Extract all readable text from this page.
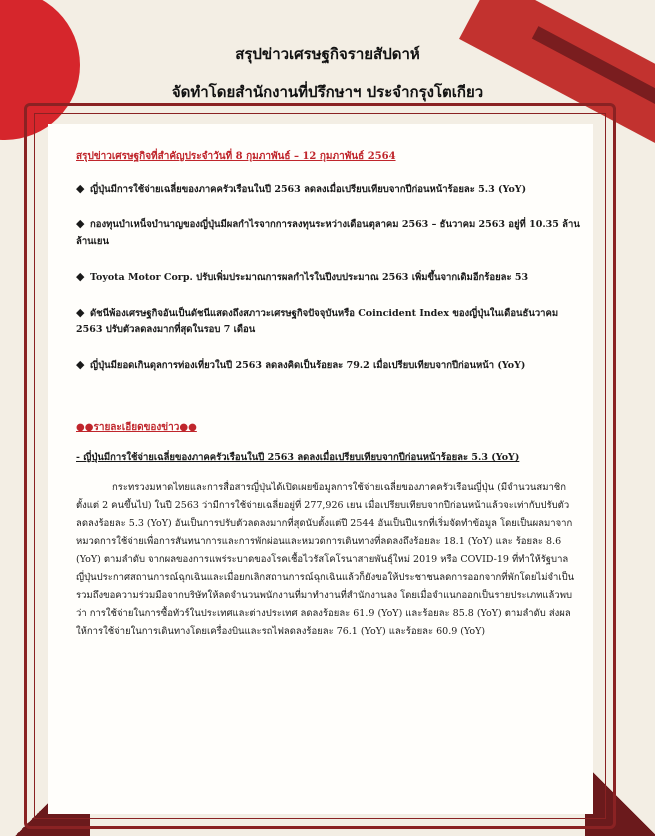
สรุปข่าวเศรษฐกิจรายสัปดาห์
จัดทำโดยสำนักงานที่ปรึกษาฯ ประจำกรุงโตเกียว
สรุปข่าวเศรษฐกิจที่สำคัญประจำวันที่ 8 กุมภาพันธ์ – 12 กุมภาพันธ์ 2564

◆ ญี่ปุ่นมีการใช้จ่ายเฉลี่ยของภาคครัวเรือนในปี 2563 ลดลงเมื่อเปรียบเทียบจากปีก่อนหน้าร้อยละ 5.3 (YoY)

◆ กองทุนบำเหน็จบำนาญของญี่ปุ่นมีผลกำไรจากการลงทุนระหว่างเดือนตุลาคม 2563 – ธันวาคม 2563 อยู่ที่ 10.35 ล้านล้านเยน

◆ Toyota Motor Corp. ปรับเพิ่มประมาณการผลกำไรในปีงบประมาณ 2563 เพิ่มขึ้นจากเดิมอีกร้อยละ 53

◆ ดัชนีพ้องเศรษฐกิจอันเป็นดัชนีแสดงถึงสภาวะเศรษฐกิจปัจจุบันหรือ Coincident Index ของญี่ปุ่นในเดือนธันวาคม 2563 ปรับตัวลดลงมากที่สุดในรอบ 7 เดือน

◆ ญี่ปุ่นมียอดเกินดุลการท่องเที่ยวในปี 2563 ลดลงคิดเป็นร้อยละ 79.2 เมื่อเปรียบเทียบจากปีก่อนหน้า (YoY)

●●รายละเอียดของข่าว●●
- ญี่ปุ่นมีการใช้จ่ายเฉลี่ยของภาคครัวเรือนในปี 2563 ลดลงเมื่อเปรียบเทียบจากปีก่อนหน้าร้อยละ 5.3 (YoY)

กระทรวงมหาดไทยและการสื่อสารญี่ปุ่นได้เปิดเผยข้อมูลการใช้จ่ายเฉลี่ยของภาคครัวเรือนญี่ปุ่น (มีจำนวนสมาชิกตั้งแต่ 2 คนขึ้นไป) ในปี 2563 ว่ามีการใช้จ่ายเฉลี่ยอยู่ที่ 277,926 เยน เมื่อเปรียบเทียบจากปีก่อนหน้าแล้วจะเท่ากับปรับตัวลดลงร้อยละ 5.3 (YoY) อันเป็นการปรับตัวลดลงมากที่สุดนับตั้งแต่ปี 2544 อันเป็นปีแรกที่เริ่มจัดทำข้อมูล โดยเป็นผลมาจากหมวดการใช้จ่ายเพื่อการสันทนาการและการพักผ่อนและหมวดการเดินทางที่ลดลงถึงร้อยละ 18.1 (YoY) และ ร้อยละ 8.6 (YoY) ตามลำดับ จากผลของการแพร่ระบาดของโรคเชื้อไวรัสโคโรนาสายพันธุ์ใหม่ 2019 หรือ COVID-19 ที่ทำให้รัฐบาลญี่ปุ่นประกาศสถานการณ์ฉุกเฉินและเมื่อยกเลิกสถานการณ์ฉุกเฉินแล้วก็ยังขอให้ประชาชนลดการออกจากที่พักโดยไม่จำเป็น รวมถึงขอความร่วมมือจากบริษัทให้ลดจำนวนพนักงานที่มาทำงานที่สำนักงานลง โดยเมื่อจำแนกออกเป็นรายประเภทแล้วพบว่า การใช้จ่ายในการซื้อทัวร์ในประเทศและต่างประเทศ ลดลงร้อยละ 61.9 (YoY) และร้อยละ 85.8 (YoY) ตามลำดับ ส่งผลให้การใช้จ่ายในการเดินทางโดยเครื่องบินและรถไฟลดลงร้อยละ 76.1 (YoY) และร้อยละ 60.9 (YoY)
